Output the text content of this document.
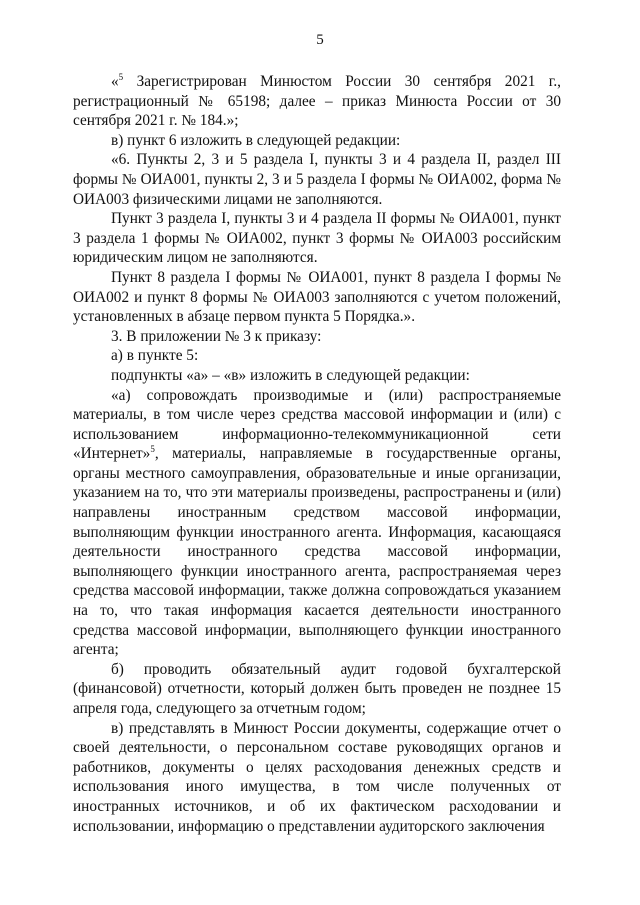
5

«$^5$ Зарегистрирован Минюстом России 30 сентября 2021 г., регистрационный № 65198; далее – приказ Минюста России от 30 сентября 2021 г. № 184.»;

в) пункт 6 изложить в следующей редакции:

«6. Пункты 2, 3 и 5 раздела I, пункты 3 и 4 раздела II, раздел III формы № ОИА001, пункты 2, 3 и 5 раздела I формы № ОИА002, форма № ОИА003 физическими лицами не заполняются.

Пункт 3 раздела I, пункты 3 и 4 раздела II формы № ОИА001, пункт 3 раздела 1 формы № ОИА002, пункт 3 формы № ОИА003 российским юридическим лицом не заполняются.

Пункт 8 раздела I формы № ОИА001, пункт 8 раздела I формы № ОИА002 и пункт 8 формы № ОИА003 заполняются с учетом положений, установленных в абзаце первом пункта 5 Порядка.».

3. В приложении № 3 к приказу:

а) в пункте 5:

подпункты «а» – «в» изложить в следующей редакции:

«а) сопровождать производимые и (или) распространяемые материалы, в том числе через средства массовой информации и (или) с использованием информационно-телекоммуникационной сети «Интернет»$^5$, материалы, направляемые в государственные органы, органы местного самоуправления, образовательные и иные организации, указанием на то, что эти материалы произведены, распространены и (или) направлены иностранным средством массовой информации, выполняющим функции иностранного агента. Информация, касающаяся деятельности иностранного средства массовой информации, выполняющего функции иностранного агента, распространяемая через средства массовой информации, также должна сопровождаться указанием на то, что такая информация касается деятельности иностранного средства массовой информации, выполняющего функции иностранного агента;

б) проводить обязательный аудит годовой бухгалтерской (финансовой) отчетности, который должен быть проведен не позднее 15 апреля года, следующего за отчетным годом;

в) представлять в Минюст России документы, содержащие отчет о своей деятельности, о персональном составе руководящих органов и работников, документы о целях расходования денежных средств и использования иного имущества, в том числе полученных от иностранных источников, и об их фактическом расходовании и использовании, информацию о представлении аудиторского заключения
